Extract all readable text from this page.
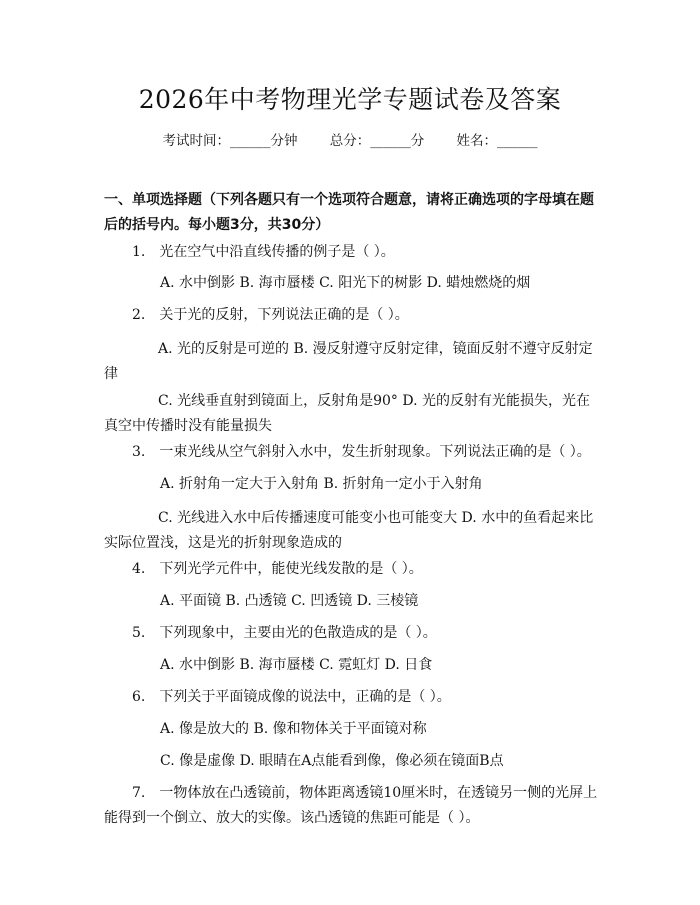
2026年中考物理光学专题试卷及答案
考试时间：______分钟 总分：______分 姓名：______
一、单项选择题（下列各题只有一个选项符合题意，请将正确选项的字母填在题后的括号内。每小题3分，共30分）
1.　光在空气中沿直线传播的例子是（ ）。
A. 水中倒影 B. 海市蜃楼 C. 阳光下的树影 D. 蜡烛燃烧的烟
2.　关于光的反射，下列说法正确的是（ ）。
A. 光的反射是可逆的 B. 漫反射遵守反射定律，镜面反射不遵守反射定律
C. 光线垂直射到镜面上，反射角是90° D. 光的反射有光能损失，光在真空中传播时没有能量损失
3.　一束光线从空气斜射入水中，发生折射现象。下列说法正确的是（ ）。
A. 折射角一定大于入射角 B. 折射角一定小于入射角
C. 光线进入水中后传播速度可能变小也可能变大 D. 水中的鱼看起来比实际位置浅，这是光的折射现象造成的
4.　下列光学元件中，能使光线发散的是（ ）。
A. 平面镜 B. 凸透镜 C. 凹透镜 D. 三棱镜
5.　下列现象中，主要由光的色散造成的是（ ）。
A. 水中倒影 B. 海市蜃楼 C. 霓虹灯 D. 日食
6.　下列关于平面镜成像的说法中，正确的是（ ）。
A. 像是放大的 B. 像和物体关于平面镜对称
C. 像是虚像 D. 眼睛在A点能看到像，像必须在镜面B点
7.　一物体放在凸透镜前，物体距离透镜10厘米时，在透镜另一侧的光屏上能得到一个倒立、放大的实像。该凸透镜的焦距可能是（ ）。
